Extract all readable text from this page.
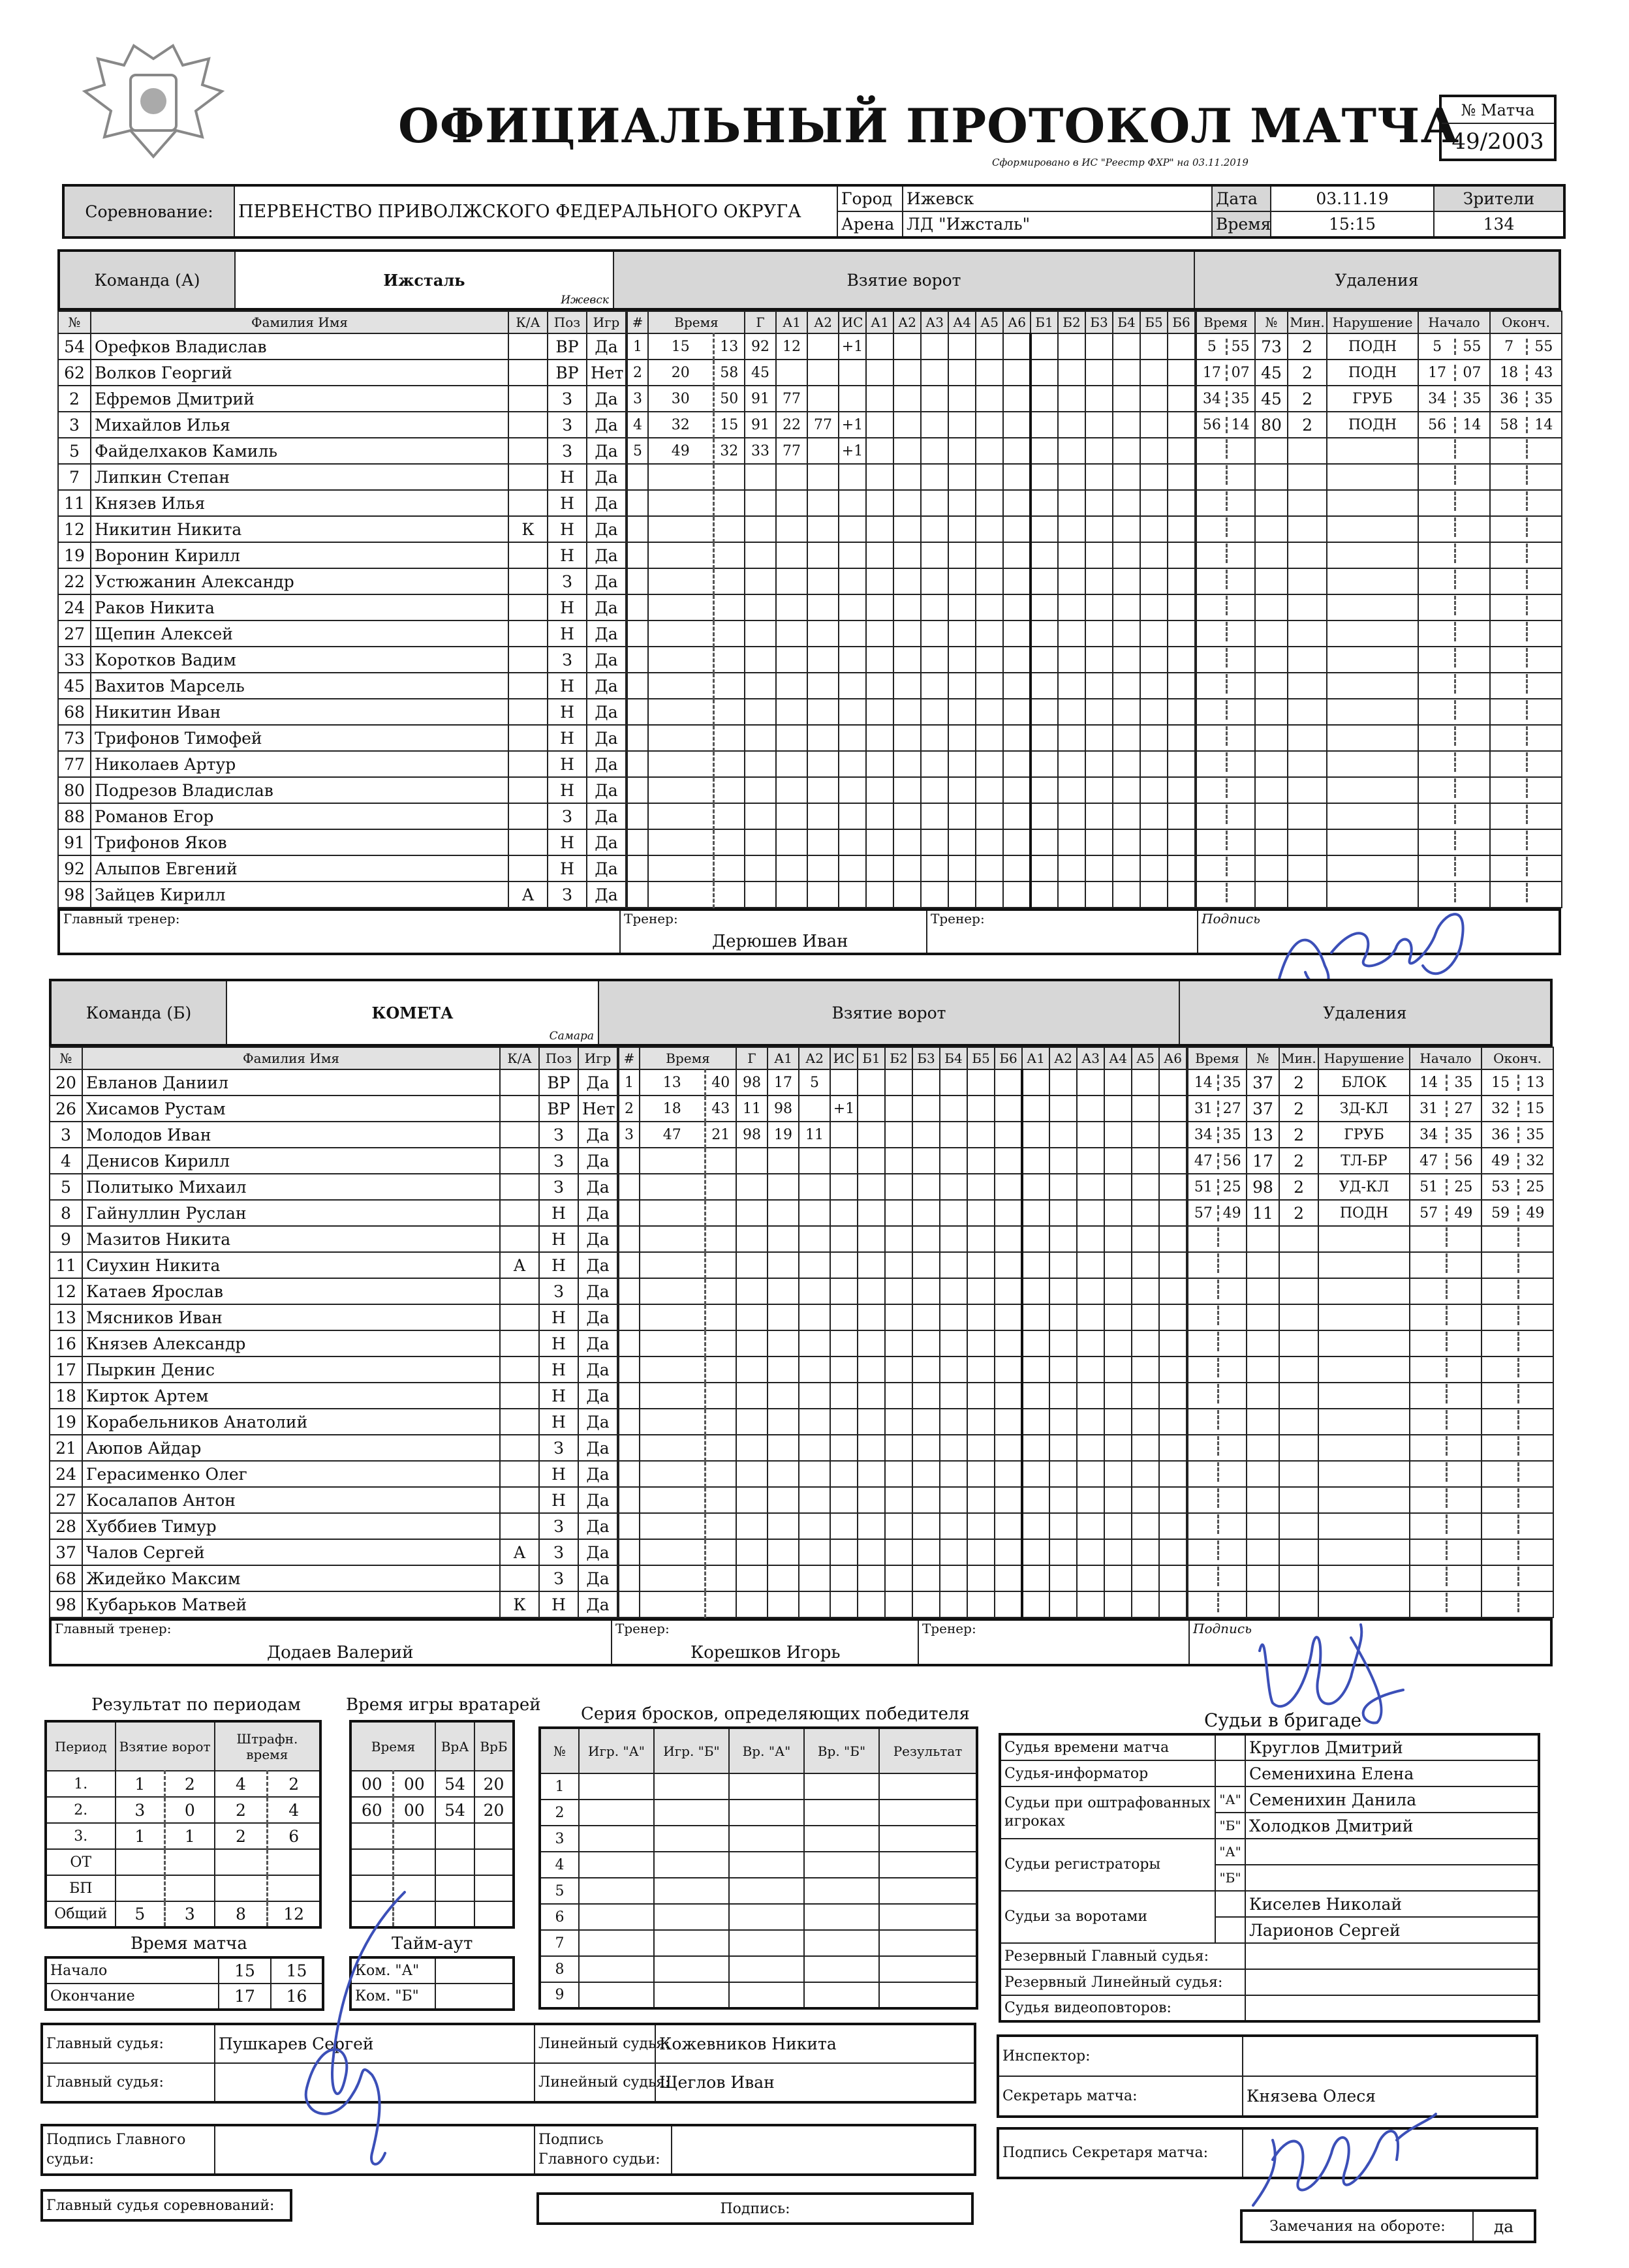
ОФИЦИАЛЬНЫЙ ПРОТОКОЛ МАТЧА
Сформировано в ИС "Реестр ФХР" на 03.11.2019
№ Матча
49/2003
Соревнование:	ПЕРВЕНСТВО ПРИВОЛЖСКОГО ФЕДЕРАЛЬНОГО ОКРУГА	Город	Ижевск	Дата	03.11.19	Зрители
		Арена	ЛД "Ижсталь"	Время	15:15	134
Команда (А)	Ижсталь
Ижевск
	Взятие ворот	Удаления
№	Фамилия Имя	К/А	Поз	Игр
54	Орефков Владислав		ВР	Да
62	Волков Георгий		ВР	Нет
2	Ефремов Дмитрий		З	Да
3	Михайлов Илья		З	Да
5	Файделхаков Камиль		З	Да
7	Липкин Степан		Н	Да
11	Князев Илья		Н	Да
12	Никитин Никита	К	Н	Да
19	Воронин Кирилл		Н	Да
22	Устюжанин Александр		З	Да
24	Раков Никита		Н	Да
27	Щепин Алексей		Н	Да
33	Коротков Вадим		З	Да
45	Вахитов Марсель		Н	Да
68	Никитин Иван		Н	Да
73	Трифонов Тимофей		Н	Да
77	Николаев Артур		Н	Да
80	Подрезов Владислав		Н	Да
88	Романов Егор		З	Да
91	Трифонов Яков		Н	Да
92	Алыпов Евгений		Н	Да
98	Зайцев Кирилл	А	З	Да
#	Время		Г	А1	А2	ИС	А1	А2	А3	А4	А5	А6	Б1	Б2	Б3	Б4	Б5	Б6
1	15	13	92	12		+1												
2	20	58	45															
3	30	50	91	77														
4	32	15	91	22	77	+1												
5	49	32	33	77		+1												

Время	№	Мин.	Нарушение	Начало	Оконч.
5 55	73	2	ПОДН	5 55	7 55
17 07	45	2	ПОДН	17 07	18 43
34 35	45	2	ГРУБ	34 35	36 35
56 14	80	2	ПОДН	56 14	58 14

Главный тренер:	Тренер:
Дерюшев Иван
	Тренер:	Подпись
Команда (Б)	КОМЕТА
Самара
	Взятие ворот	Удаления
№	Фамилия Имя	К/А	Поз	Игр
20	Евланов Даниил		ВР	Да
26	Хисамов Рустам		ВР	Нет
3	Молодов Иван		З	Да
4	Денисов Кирилл		З	Да
5	Политыко Михаил		З	Да
8	Гайнуллин Руслан		Н	Да
9	Мазитов Никита		Н	Да
11	Сиухин Никита	А	Н	Да
12	Катаев Ярослав		З	Да
13	Мясников Иван		Н	Да
16	Князев Александр		Н	Да
17	Пыркин Денис		Н	Да
18	Кирток Артем		Н	Да
19	Корабельников Анатолий		Н	Да
21	Аюпов Айдар		З	Да
24	Герасименко Олег		Н	Да
27	Косалапов Антон		Н	Да
28	Хуббиев Тимур		З	Да
37	Чалов Сергей	А	З	Да
68	Жидейко Максим		З	Да
98	Кубарьков Матвей	К	Н	Да
#	Время		Г	А1	А2	ИС	Б1	Б2	Б3	Б4	Б5	Б6	А1	А2	А3	А4	А5	А6
1	13	40	98	17	5													
2	18	43	11	98		+1												
3	47	21	98	19	11													

Время	№	Мин.	Нарушение	Начало	Оконч.
14 35	37	2	БЛОК	14 35	15 13
31 27	37	2	ЗД-КЛ	31 27	32 15
34 35	13	2	ГРУБ	34 35	36 35
47 56	17	2	ТЛ-БР	47 56	49 32
51 25	98	2	УД-КЛ	51 25	53 25
57 49	11	2	ПОДН	57 49	59 49

Главный тренер:
Додаев Валерий
	Тренер:
Корешков Игорь
	Тренер:	Подпись
Результат по периодам
Период	Взятие ворот		Штрафн. время	
1.	1	2	4	2
2.	3	0	2	4
3.	1	1	2	6
ОТ				
БП				
Общий	5	3	8	12
Время игры вратарей
Время		ВрА	ВрБ
00	00	54	20
60	00	54	20

Время матча
Начало	15	15
Окончание	17	16
Тайм-аут
Ком. "А"	
Ком. "Б"	
Серия бросков, определяющих победителя
№	Игр. "А"	Игр. "Б"	Вр. "А"	Вр. "Б"	Результат
1					
2					
3					
4					
5					
6					
7					
8					
9					
Судьи в бригаде
Судья времени матча		Круглов Дмитрий
Судья-информатор		Семенихина Елена
Судьи при оштрафованных игроках	"А"	Семенихин Данила
	"Б"	Холодков Дмитрий
Судьи регистраторы	"А"	
	"Б"	
Судьи за воротами		Киселев Николай
		Ларионов Сергей
Резервный Главный судья:		
Резервный Линейный судья:		
Судья видеоповторов:		
Главный судья:	Пушкарев Сергей	Линейный судья:	Кожевников Никита
Главный судья:		Линейный судья:	Щеглов Иван
Инспектор:	
Секретарь матча:	Князева Олеся
Подпись Главного судьи:		Подпись Главного судьи:		Подпись Секретаря матча:	
Главный судья соревнований:	Подпись:
Замечания на обороте:	да
